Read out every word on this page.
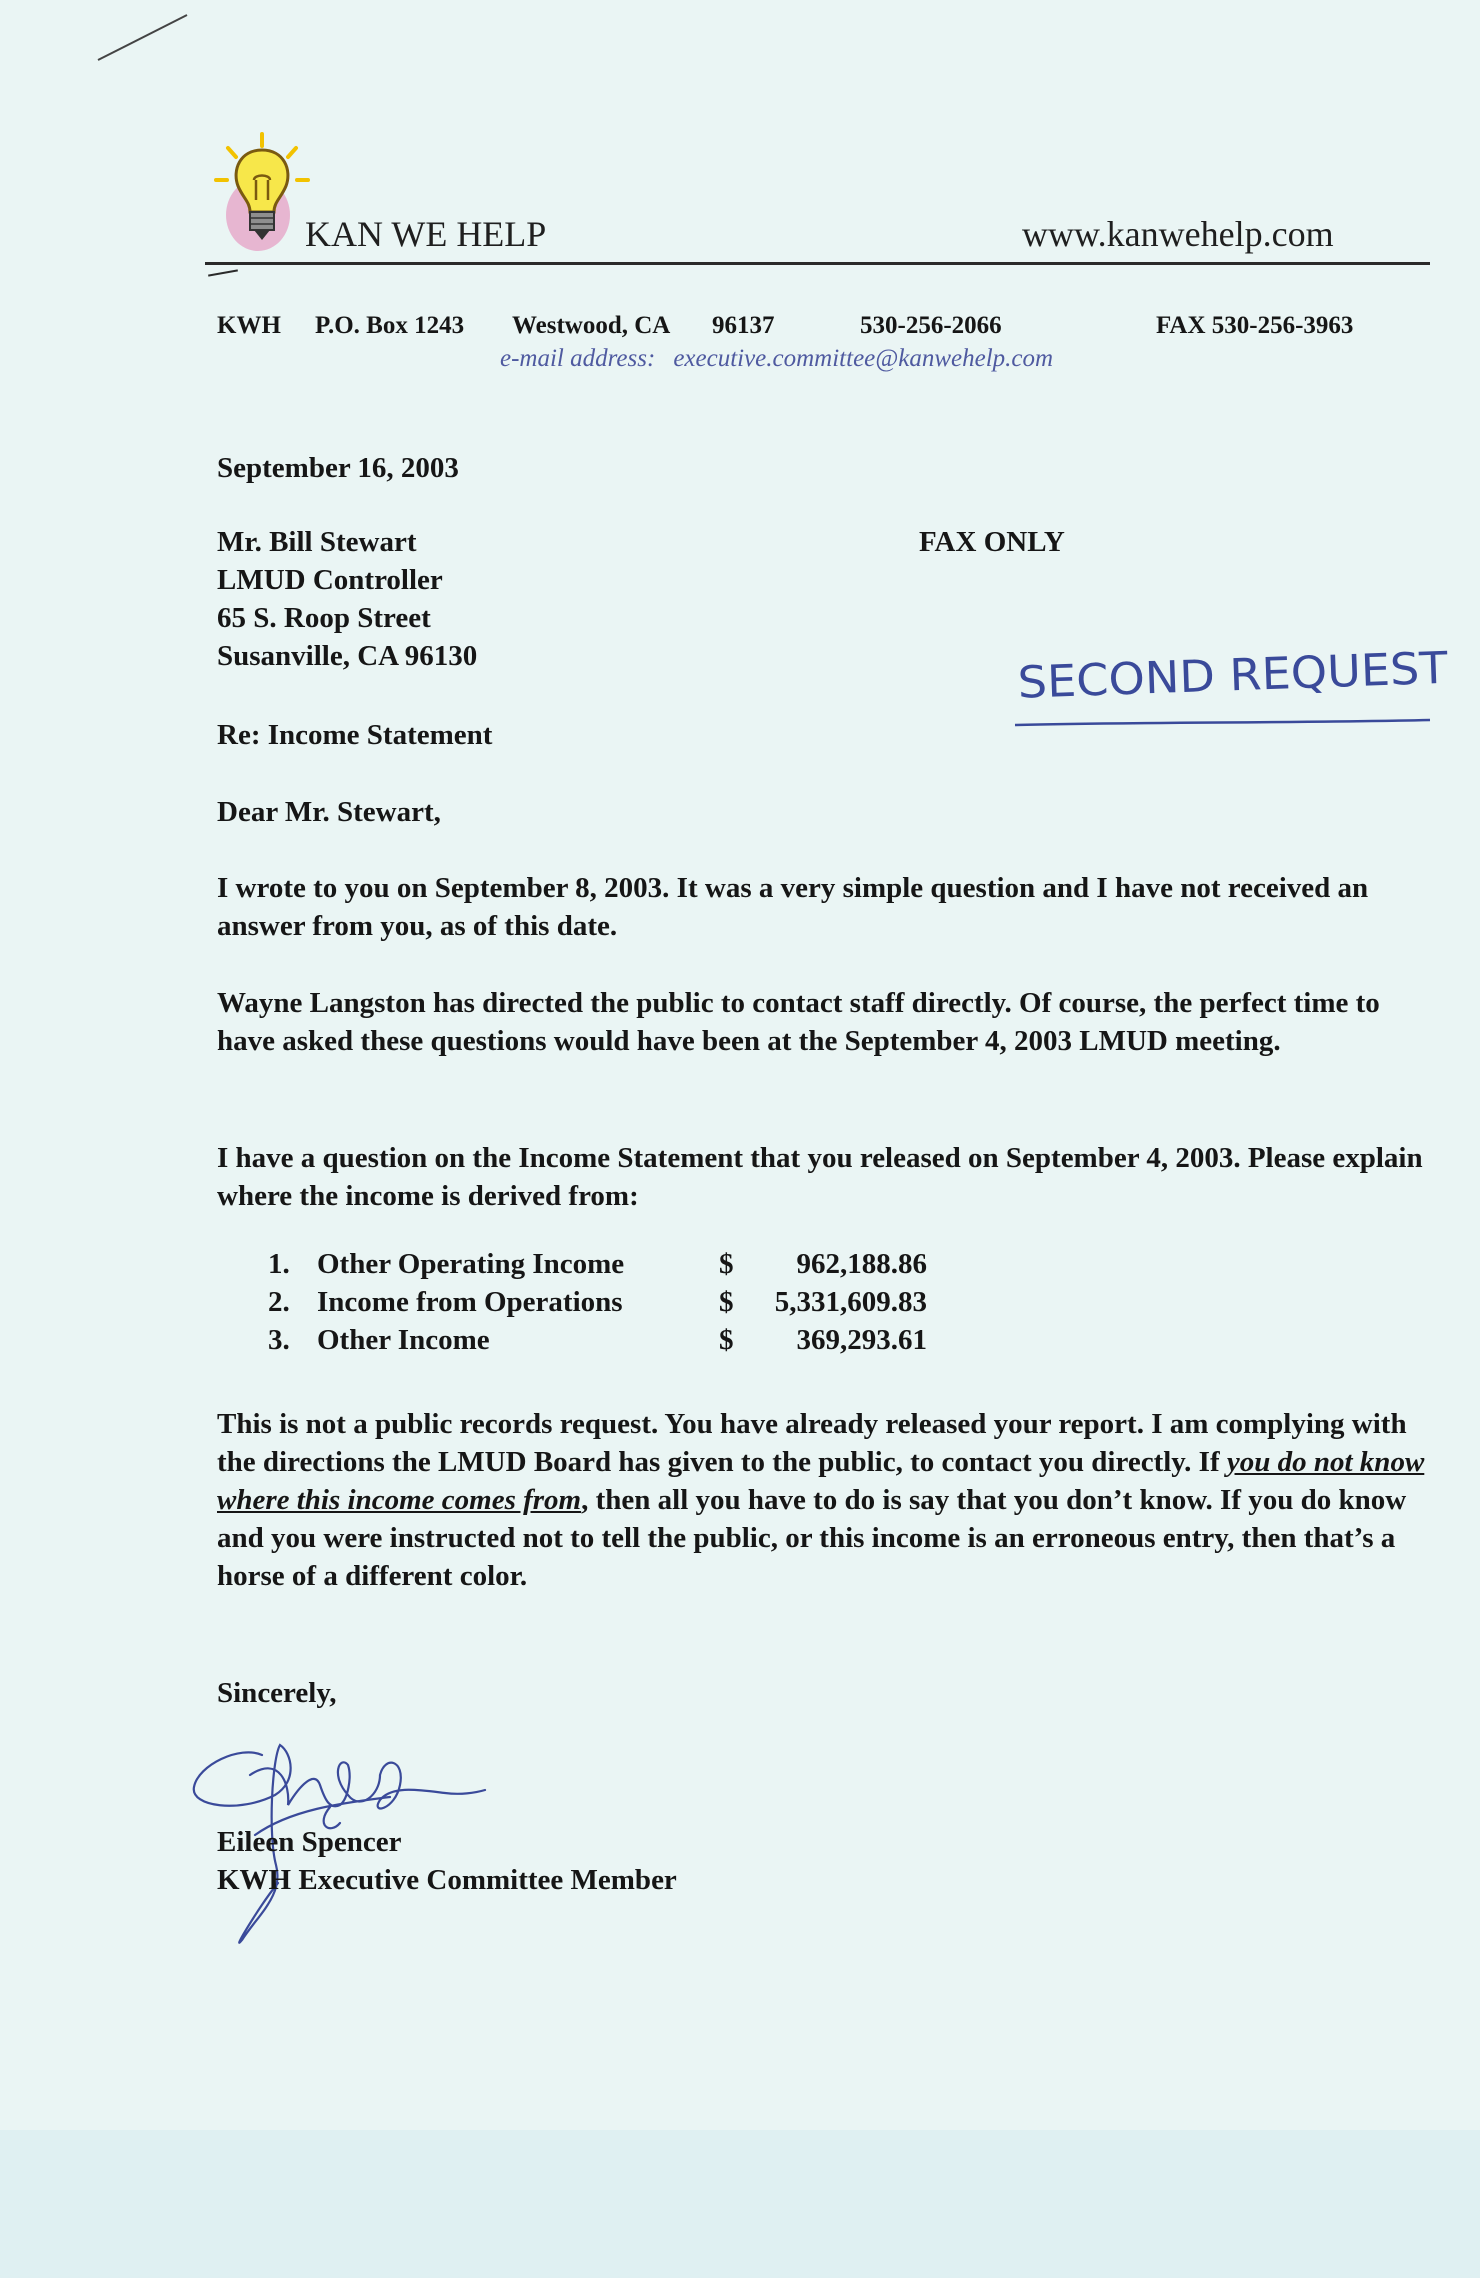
KAN WE HELP	www.kanwehelp.com
KWH P.O. Box 1243 Westwood, CA 96137	530-256-2066	FAX 530-256-3963
e-mail address: executive.committee@kanwehelp.com
September 16, 2003
Mr. Bill Stewart
LMUD Controller
65 S. Roop Street
Susanville, CA 96130
FAX ONLY
SECOND REQUEST
Re: Income Statement
Dear Mr. Stewart,
I wrote to you on September 8, 2003. It was a very simple question and I have not received an answer from you, as of this date.
Wayne Langston has directed the public to contact staff directly. Of course, the perfect time to have asked these questions would have been at the September 4, 2003 LMUD meeting.
I have a question on the Income Statement that you released on September 4, 2003. Please explain where the income is derived from:
1. Other Operating Income	$	962,188.86
2. Income from Operations	$	5,331,609.83
3. Other Income	$	369,293.61
This is not a public records request. You have already released your report. I am complying with the directions the LMUD Board has given to the public, to contact you directly. If you do not know where this income comes from, then all you have to do is say that you don’t know. If you do know and you were instructed not to tell the public, or this income is an erroneous entry, then that’s a horse of a different color.
Sincerely,
Eileen Spencer
KWH Executive Committee Member
